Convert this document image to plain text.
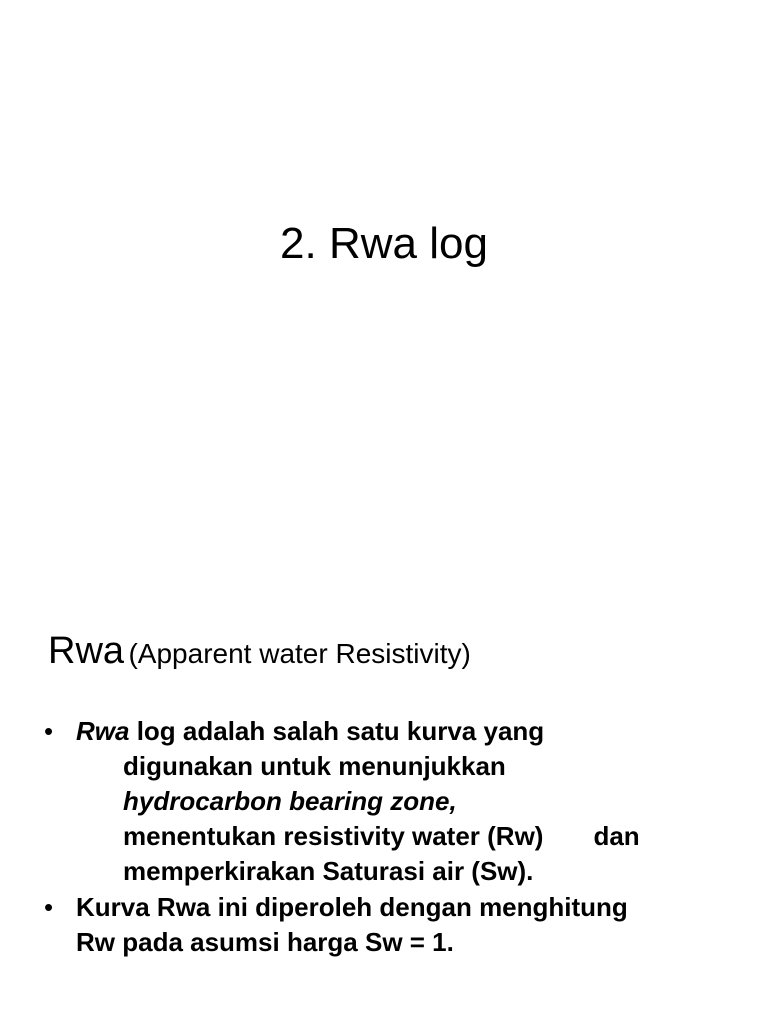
2. Rwa log
Rwa (Apparent water Resistivity)
• Rwa log adalah salah satu kurva yang
digunakan untuk menunjukkan
hydrocarbon bearing zone,
menentukan resistivity water (Rw) dan
memperkirakan Saturasi air (Sw).
• Kurva Rwa ini diperoleh dengan menghitung
Rw pada asumsi harga Sw = 1.
